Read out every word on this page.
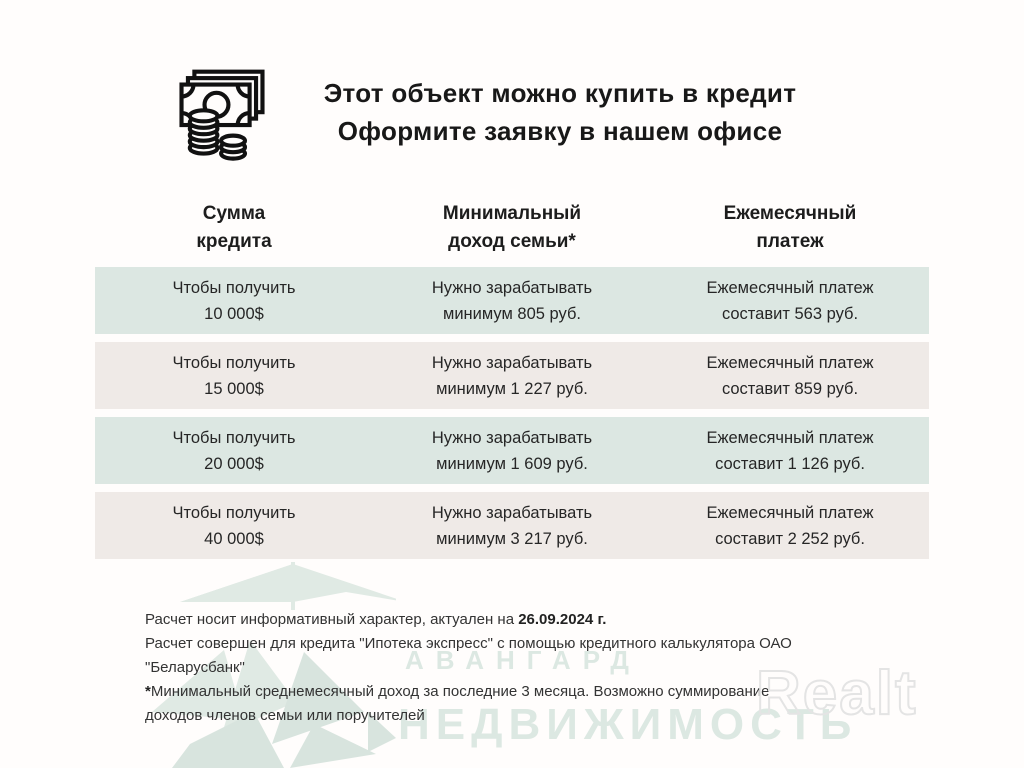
АВАНГАРД
НЕДВИЖИМОСТЬ
Realt
Этот объект можно купить в кредит
Оформите заявку в нашем офисе
Сумма
кредита
Минимальный
доход семьи*
Ежемесячный
платеж
Чтобы получить
10 000$
Нужно зарабатывать
минимум 805 руб.
Ежемесячный платеж
составит 563 руб.
Чтобы получить
15 000$
Нужно зарабатывать
минимум 1 227 руб.
Ежемесячный платеж
составит 859 руб.
Чтобы получить
20 000$
Нужно зарабатывать
минимум 1 609 руб.
Ежемесячный платеж
составит 1 126 руб.
Чтобы получить
40 000$
Нужно зарабатывать
минимум 3 217 руб.
Ежемесячный платеж
составит 2 252 руб.
Расчет носит информативный характер, актуален на 26.09.2024 г.
Расчет совершен для кредита "Ипотека экспресс" с помощью кредитного калькулятора ОАО
"Беларусбанк"
*Минимальный среднемесячный доход за последние 3 месяца. Возможно суммирование
доходов членов семьи или поручителей
